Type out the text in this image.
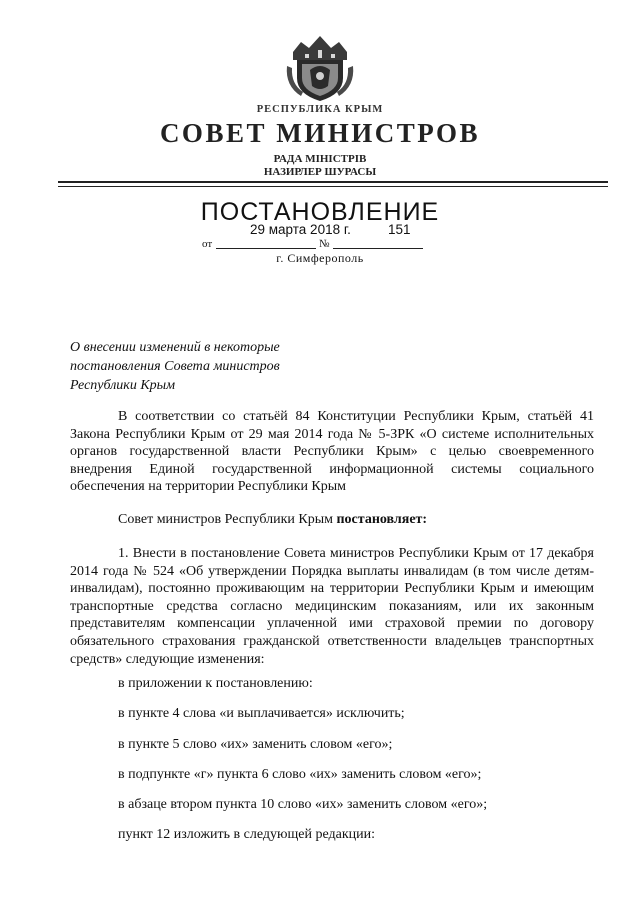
РЕСПУБЛИКА КРЫМ
СОВЕТ МИНИСТРОВ
РАДА МІНІСТРІВ
НАЗИРЛЕР ШУРАСЫ
ПОСТАНОВЛЕНИЕ
29 марта 2018 г.	151
от	№
г. Симферополь
О внесении изменений в некоторые
постановления Совета министров
Республики Крым
В соответствии со статьёй 84 Конституции Республики Крым, статьёй 41 Закона Республики Крым от 29 мая 2014 года № 5-ЗРК «О системе исполнительных органов государственной власти Республики Крым» с целью своевременного внедрения Единой государственной информационной системы социального обеспечения на территории Республики Крым
Совет министров Республики Крым постановляет:
1. Внести в постановление Совета министров Республики Крым от 17 декабря 2014 года № 524 «Об утверждении Порядка выплаты инвалидам (в том числе детям-инвалидам), постоянно проживающим на территории Республики Крым и имеющим транспортные средства согласно медицинским показаниям, или их законным представителям компенсации уплаченной ими страховой премии по договору обязательного страхования гражданской ответственности владельцев транспортных средств» следующие изменения:
в приложении к постановлению:
в пункте 4 слова «и выплачивается» исключить;
в пункте 5 слово «их» заменить словом «его»;
в подпункте «г» пункта 6 слово «их» заменить словом «его»;
в абзаце втором пункта 10 слово «их» заменить словом «его»;
пункт 12 изложить в следующей редакции:
